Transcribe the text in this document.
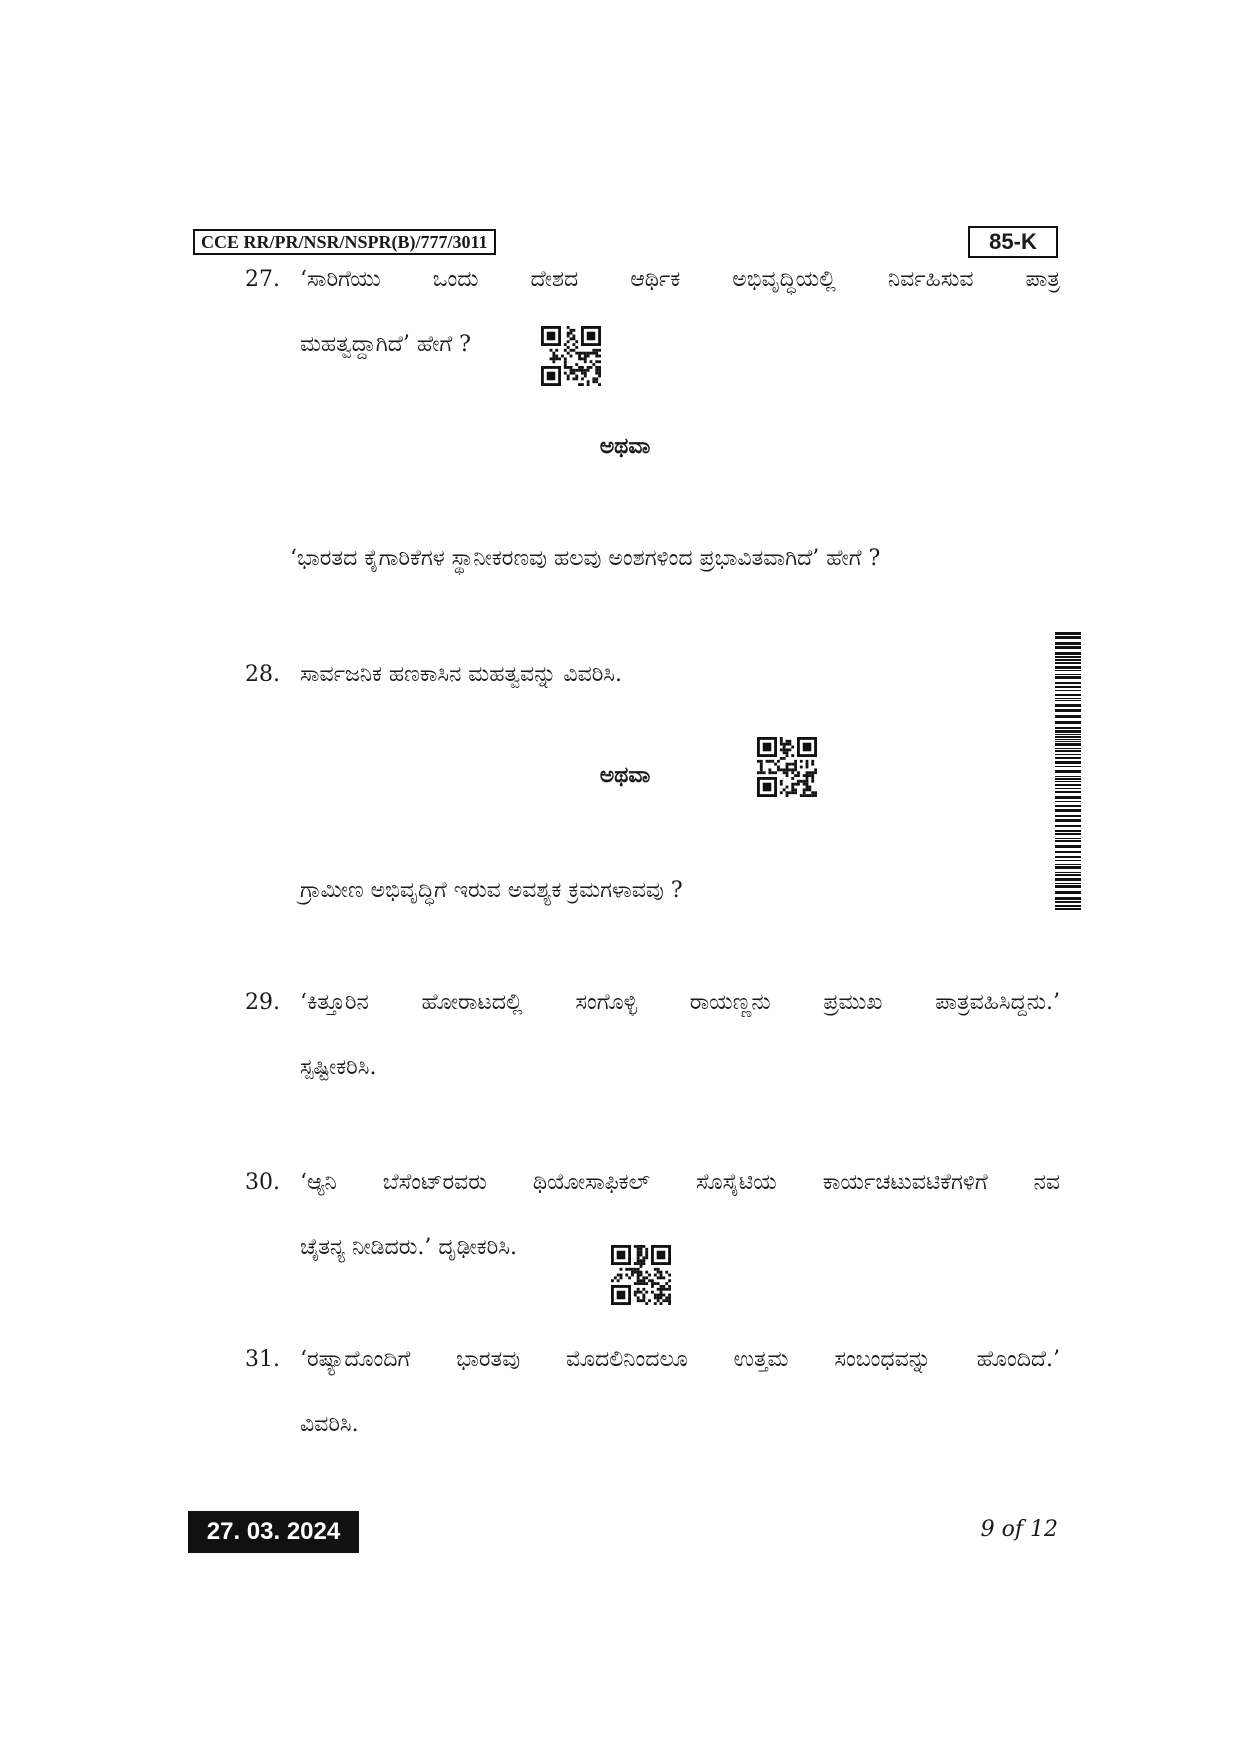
CCE RR/PR/NSR/NSPR(B)/777/3011	85-K
27. ‘ಸಾರಿಗೆಯು ಒಂದು ದೇಶದ ಆರ್ಥಿಕ ಅಭಿವೃದ್ಧಿಯಲ್ಲಿ ನಿರ್ವಹಿಸುವ ಪಾತ್ರ
ಮಹತ್ವದ್ದಾಗಿದೆ’ ಹೇಗೆ ?
ಅಥವಾ
‘ಭಾರತದ ಕೈಗಾರಿಕೆಗಳ ಸ್ಥಾನೀಕರಣವು ಹಲವು ಅಂಶಗಳಿಂದ ಪ್ರಭಾವಿತವಾಗಿದೆ’ ಹೇಗೆ ?
28. ಸಾರ್ವಜನಿಕ ಹಣಕಾಸಿನ ಮಹತ್ವವನ್ನು ವಿವರಿಸಿ.
ಅಥವಾ
ಗ್ರಾಮೀಣ ಅಭಿವೃದ್ಧಿಗೆ ಇರುವ ಅವಶ್ಯಕ ಕ್ರಮಗಳಾವವು ?
29. ‘ಕಿತ್ತೂರಿನ ಹೋರಾಟದಲ್ಲಿ ಸಂಗೊಳ್ಳಿ ರಾಯಣ್ಣನು ಪ್ರಮುಖ ಪಾತ್ರವಹಿಸಿದ್ದನು.’
ಸ್ಪಷ್ಟೀಕರಿಸಿ.
30. ‘ಆ್ಯನಿ ಬೆಸೆಂಟ್‌ರವರು ಥಿಯೋಸಾಫಿಕಲ್ ಸೊಸೈಟಿಯ ಕಾರ್ಯಚಟುವಟಿಕೆಗಳಿಗೆ ನವ
ಚೈತನ್ಯ ನೀಡಿದರು.’ ದೃಢೀಕರಿಸಿ.
31. ‘ರಷ್ಯಾದೊಂದಿಗೆ ಭಾರತವು ಮೊದಲಿನಿಂದಲೂ ಉತ್ತಮ ಸಂಬಂಧವನ್ನು ಹೊಂದಿದೆ.’
ವಿವರಿಸಿ.
27. 03. 2024	9 of 12
